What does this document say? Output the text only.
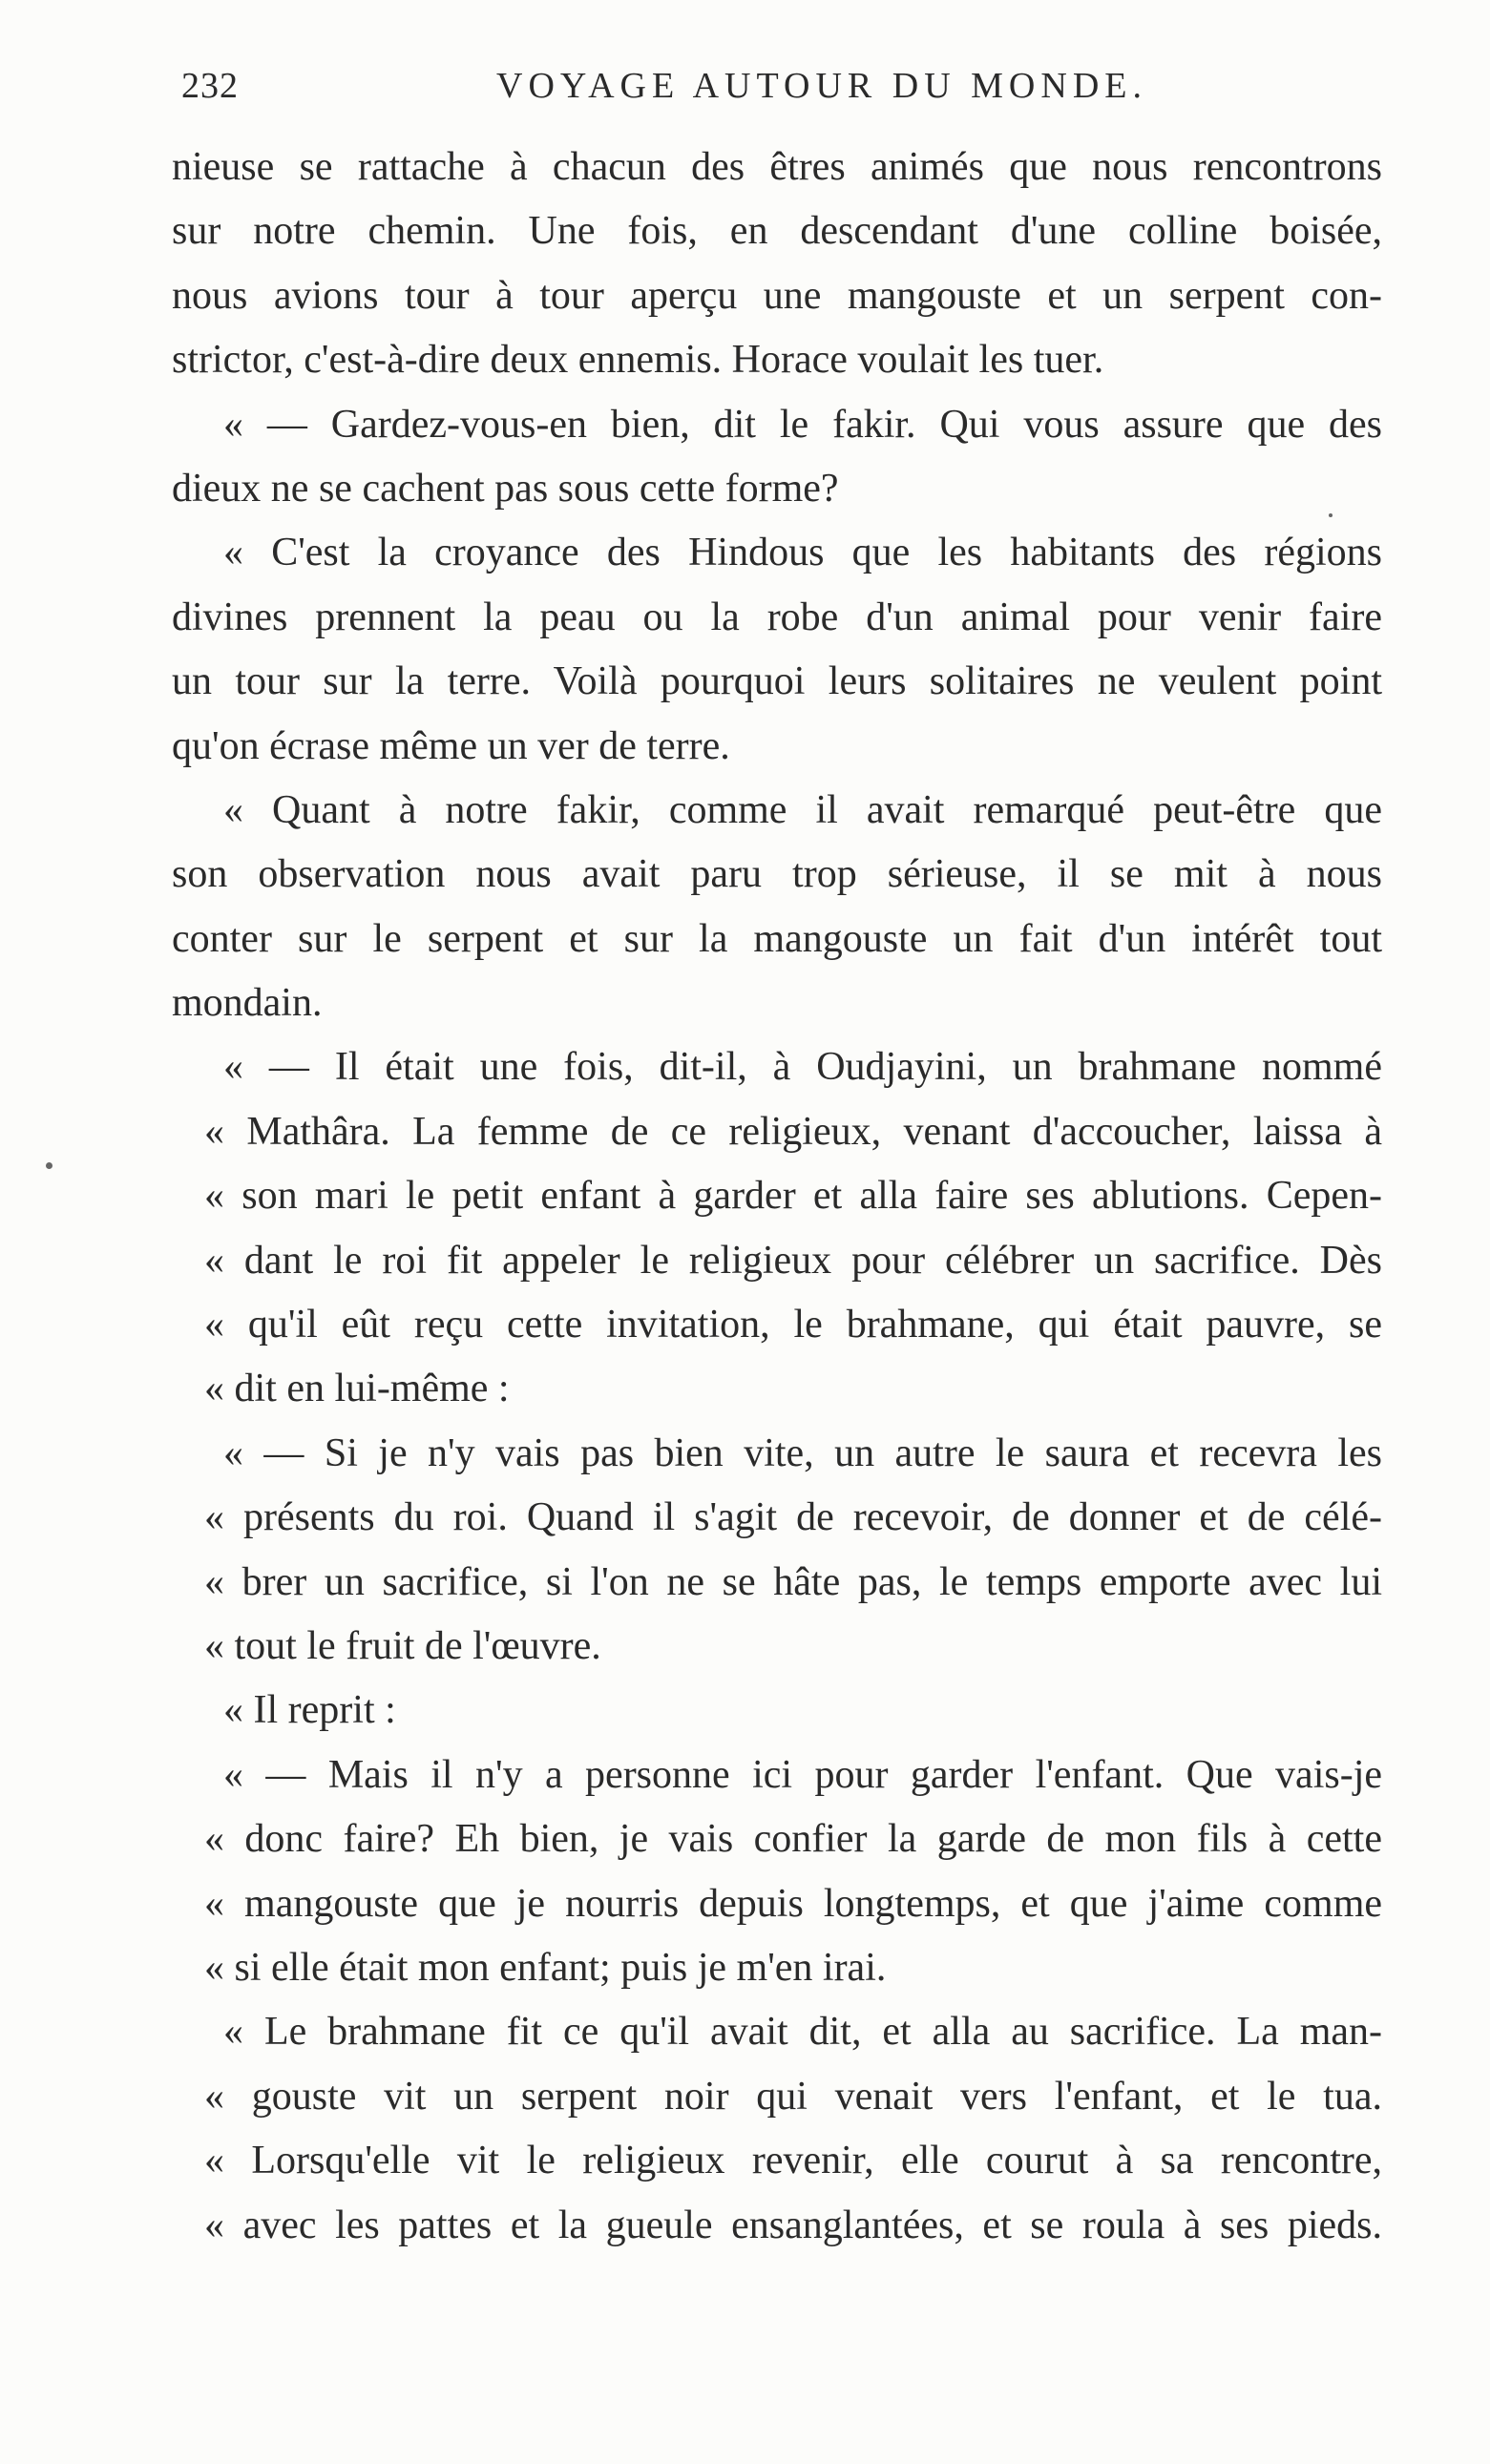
232	VOYAGE AUTOUR DU MONDE.
nieuse se rattache à chacun des êtres animés que nous rencontrons
sur notre chemin. Une fois, en descendant d'une colline boisée,
nous avions tour à tour aperçu une mangouste et un serpent con-
strictor, c'est-à-dire deux ennemis. Horace voulait les tuer.
« — Gardez-vous-en bien, dit le fakir. Qui vous assure que des
dieux ne se cachent pas sous cette forme?
« C'est la croyance des Hindous que les habitants des régions
divines prennent la peau ou la robe d'un animal pour venir faire
un tour sur la terre. Voilà pourquoi leurs solitaires ne veulent point
qu'on écrase même un ver de terre.
« Quant à notre fakir, comme il avait remarqué peut-être que
son observation nous avait paru trop sérieuse, il se mit à nous
conter sur le serpent et sur la mangouste un fait d'un intérêt tout
mondain.
« — Il était une fois, dit-il, à Oudjayini, un brahmane nommé
« Mathâra. La femme de ce religieux, venant d'accoucher, laissa à
« son mari le petit enfant à garder et alla faire ses ablutions. Cepen-
« dant le roi fit appeler le religieux pour célébrer un sacrifice. Dès
« qu'il eût reçu cette invitation, le brahmane, qui était pauvre, se
« dit en lui-même :
« — Si je n'y vais pas bien vite, un autre le saura et recevra les
« présents du roi. Quand il s'agit de recevoir, de donner et de célé-
« brer un sacrifice, si l'on ne se hâte pas, le temps emporte avec lui
« tout le fruit de l'œuvre.
« Il reprit :
« — Mais il n'y a personne ici pour garder l'enfant. Que vais-je
« donc faire? Eh bien, je vais confier la garde de mon fils à cette
« mangouste que je nourris depuis longtemps, et que j'aime comme
« si elle était mon enfant; puis je m'en irai.
« Le brahmane fit ce qu'il avait dit, et alla au sacrifice. La man-
« gouste vit un serpent noir qui venait vers l'enfant, et le tua.
« Lorsqu'elle vit le religieux revenir, elle courut à sa rencontre,
« avec les pattes et la gueule ensanglantées, et se roula à ses pieds.
